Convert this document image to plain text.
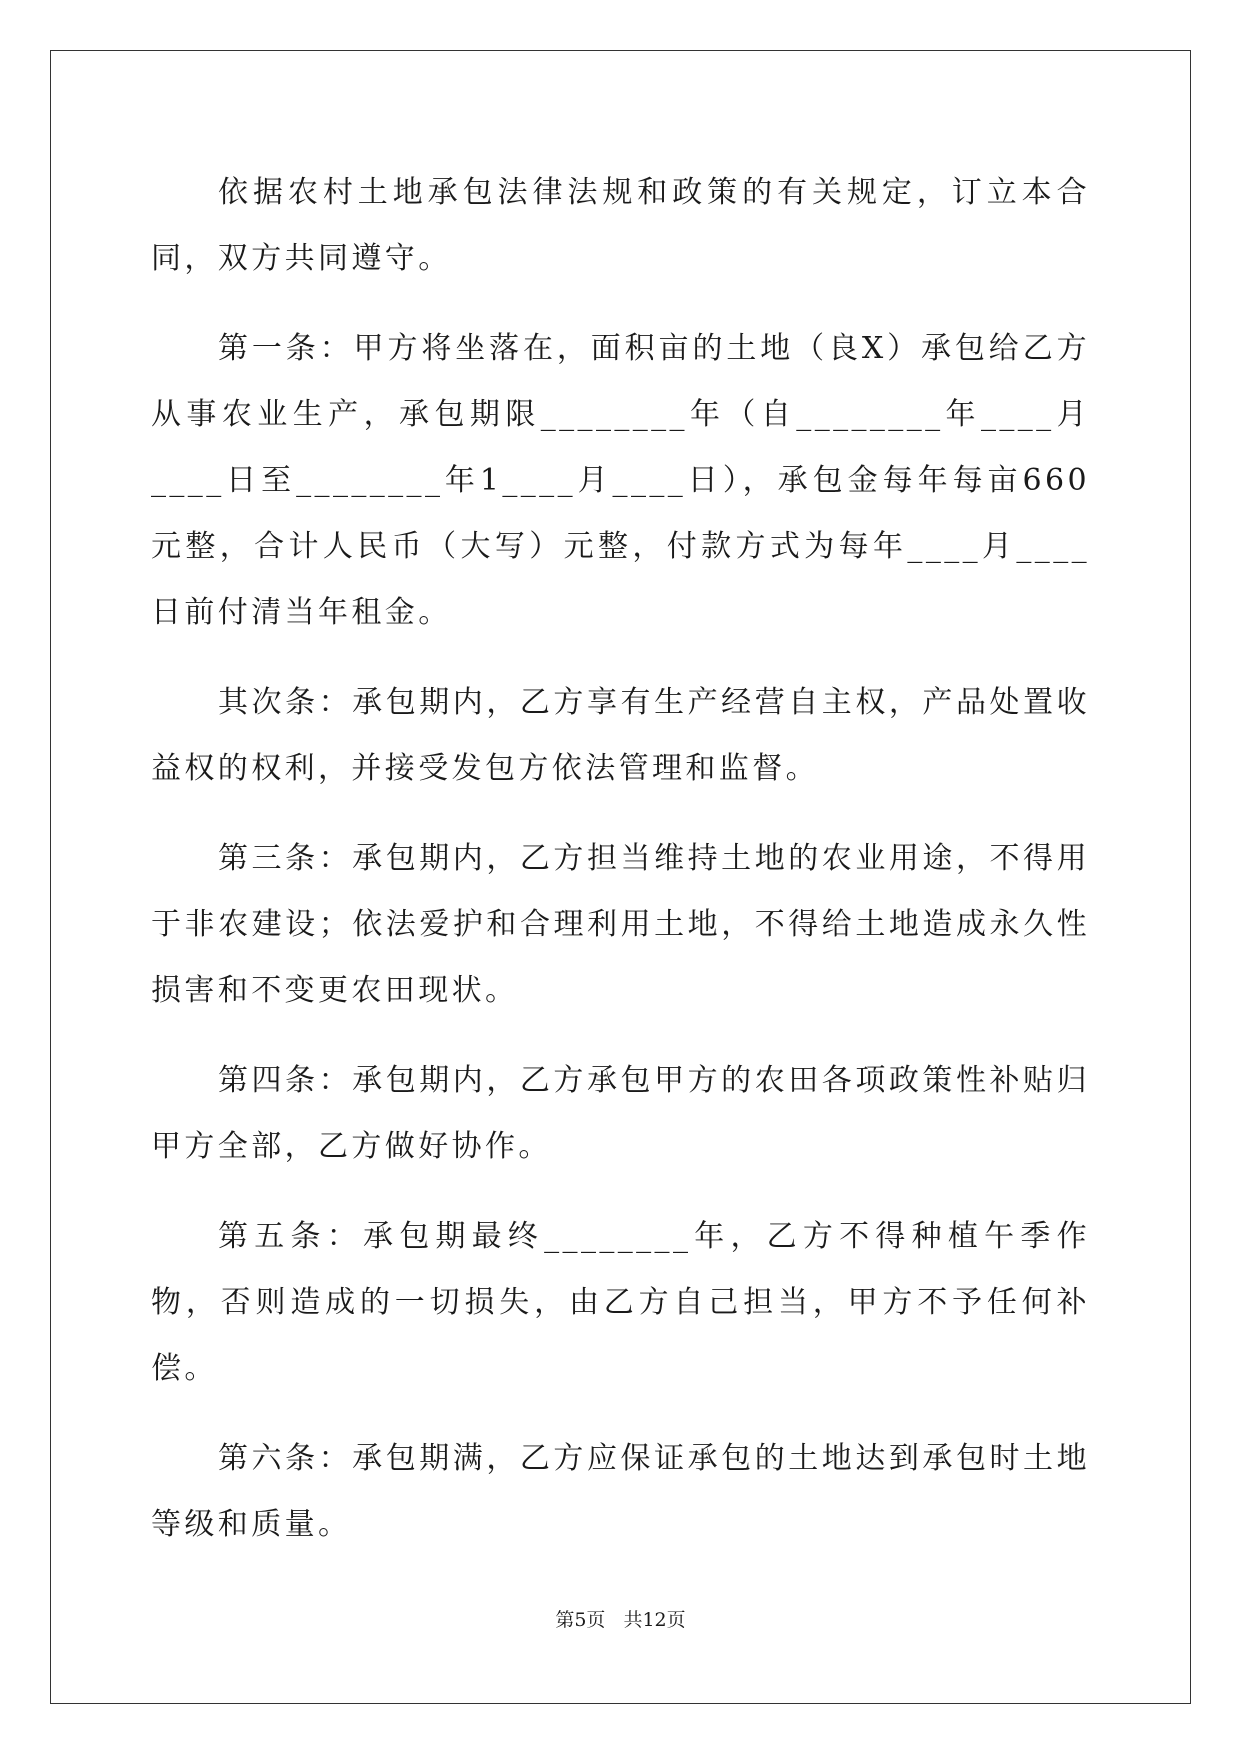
依据农村土地承包法律法规和政策的有关规定，订立本合同，双方共同遵守。

第一条：甲方将坐落在，面积亩的土地（良X）承包给乙方从事农业生产，承包期限________年（自________年____月____日至________年1____月____日），承包金每年每亩660元整，合计人民币（大写）元整，付款方式为每年____月____日前付清当年租金。

其次条：承包期内，乙方享有生产经营自主权，产品处置收益权的权利，并接受发包方依法管理和监督。

第三条：承包期内，乙方担当维持土地的农业用途，不得用于非农建设；依法爱护和合理利用土地，不得给土地造成永久性损害和不变更农田现状。

第四条：承包期内，乙方承包甲方的农田各项政策性补贴归甲方全部，乙方做好协作。

第五条：承包期最终________年，乙方不得种植午季作物，否则造成的一切损失，由乙方自己担当，甲方不予任何补偿。

第六条：承包期满，乙方应保证承包的土地达到承包时土地等级和质量。

第5页 共12页
